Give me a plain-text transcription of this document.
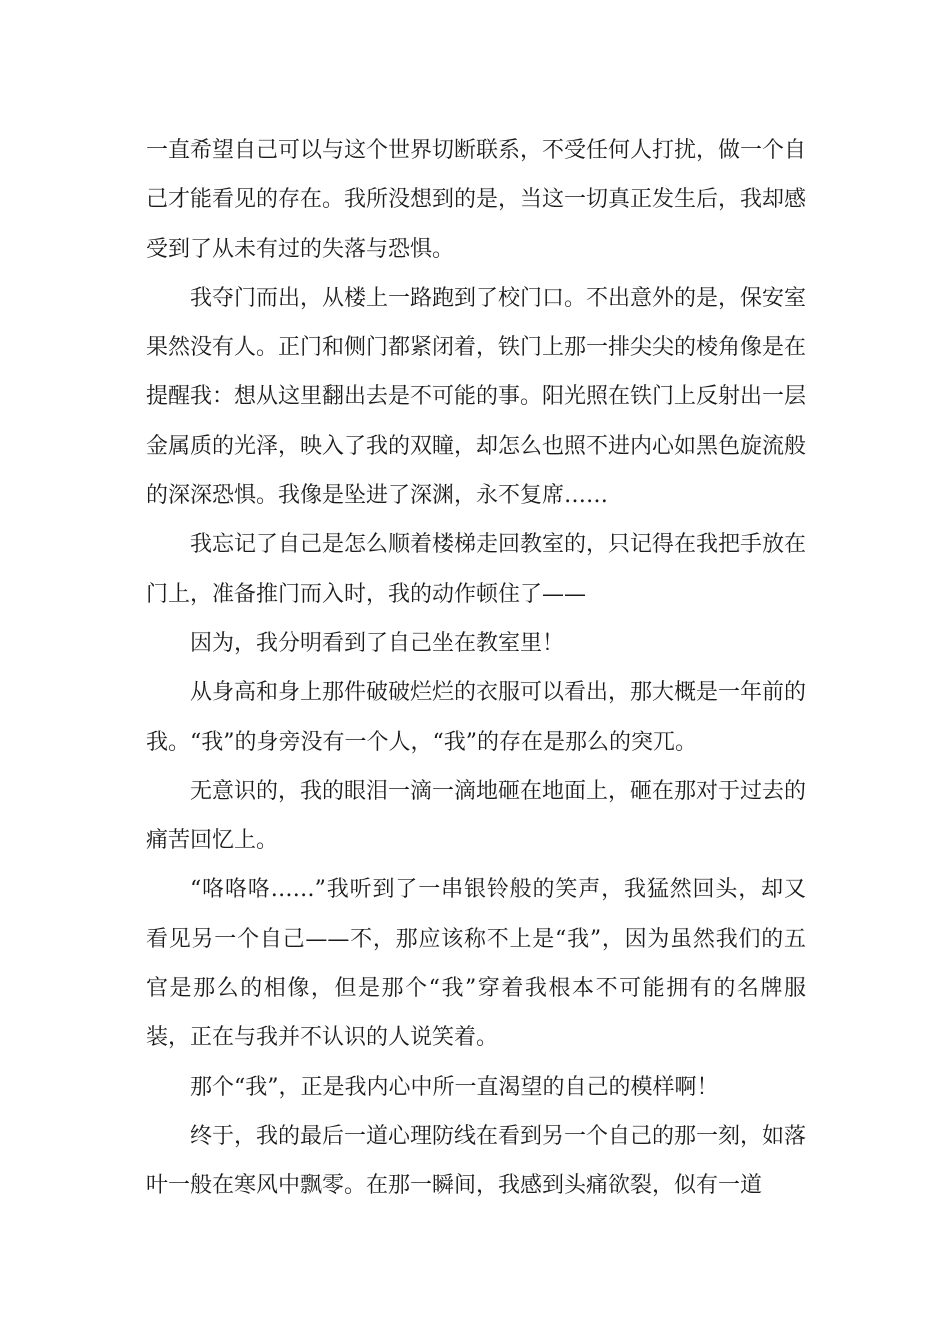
一直希望自己可以与这个世界切断联系，不受任何人打扰，做一个自己才能看见的存在。我所没想到的是，当这一切真正发生后，我却感受到了从未有过的失落与恐惧。

我夺门而出，从楼上一路跑到了校门口。不出意外的是，保安室果然没有人。正门和侧门都紧闭着，铁门上那一排尖尖的棱角像是在提醒我：想从这里翻出去是不可能的事。阳光照在铁门上反射出一层金属质的光泽，映入了我的双瞳，却怎么也照不进内心如黑色旋流般的深深恐惧。我像是坠进了深渊，永不复席……

我忘记了自己是怎么顺着楼梯走回教室的，只记得在我把手放在门上，准备推门而入时，我的动作顿住了——

因为，我分明看到了自己坐在教室里！

从身高和身上那件破破烂烂的衣服可以看出，那大概是一年前的我。“我”的身旁没有一个人，“我”的存在是那么的突兀。

无意识的，我的眼泪一滴一滴地砸在地面上，砸在那对于过去的痛苦回忆上。

“咯咯咯……”我听到了一串银铃般的笑声，我猛然回头，却又看见另一个自己——不，那应该称不上是“我”，因为虽然我们的五官是那么的相像，但是那个“我”穿着我根本不可能拥有的名牌服装，正在与我并不认识的人说笑着。

那个“我”，正是我内心中所一直渴望的自己的模样啊！

终于，我的最后一道心理防线在看到另一个自己的那一刻，如落叶一般在寒风中飘零。在那一瞬间，我感到头痛欲裂，似有一道
